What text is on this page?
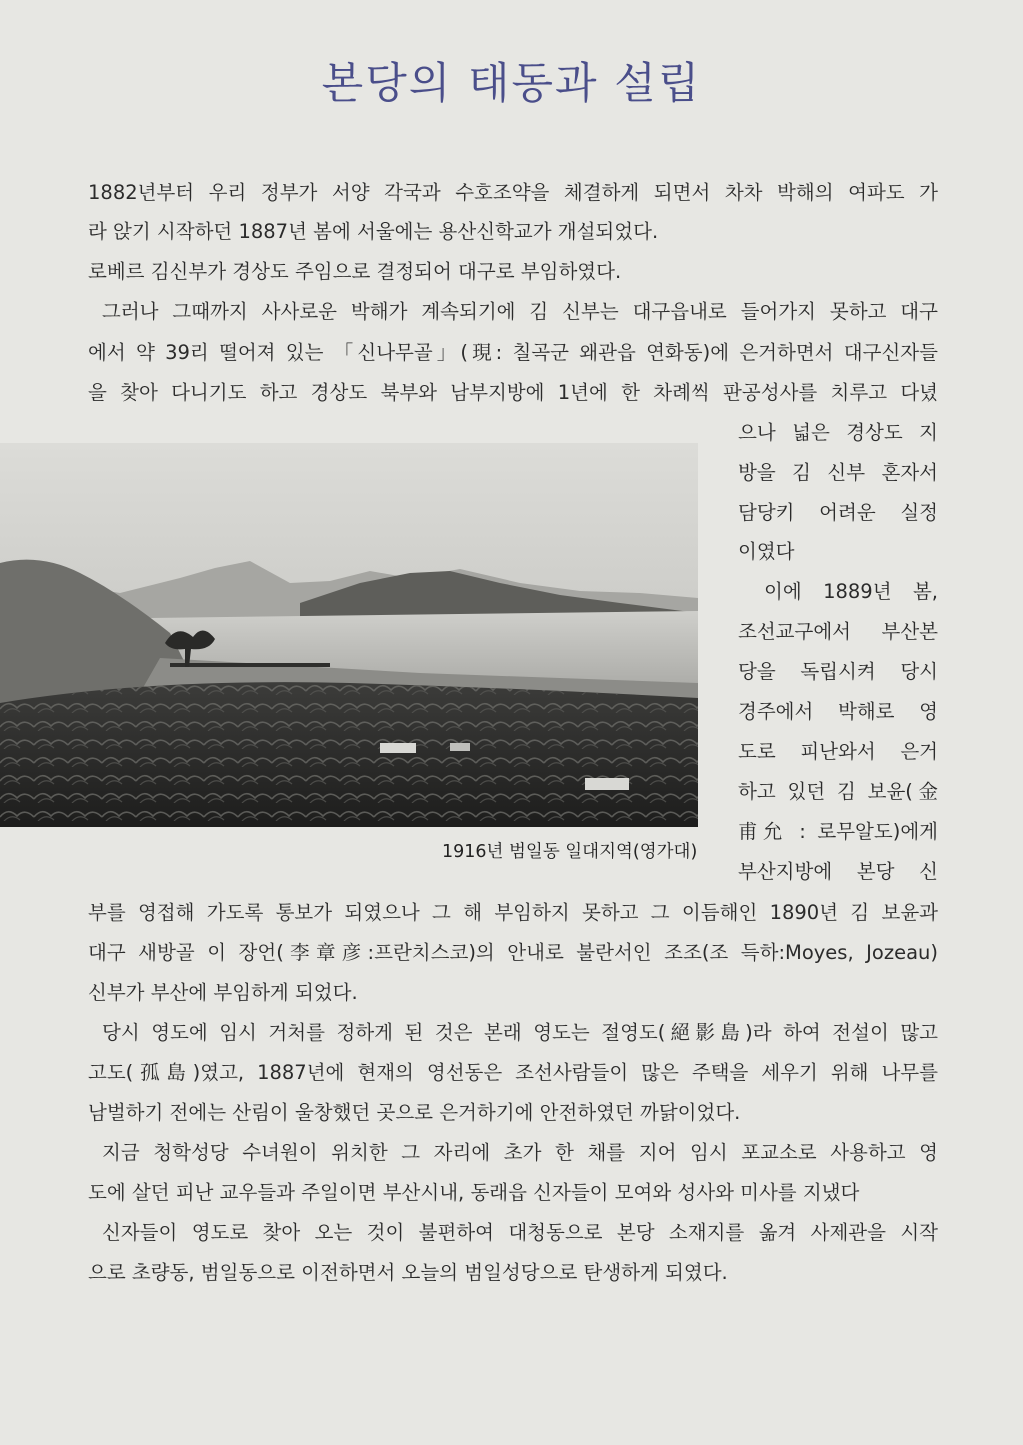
본당의 태동과 설립
1882년부터 우리 정부가 서양 각국과 수호조약을 체결하게 되면서 차차 박해의 여파도 가
라 앉기 시작하던 1887년 봄에 서울에는 용산신학교가 개설되었다.
로베르 김신부가 경상도 주임으로 결정되어 대구로 부임하였다.
그러나 그때까지 사사로운 박해가 계속되기에 김 신부는 대구읍내로 들어가지 못하고 대구
에서 약 39리 떨어져 있는 「신나무골」(現: 칠곡군 왜관읍 연화동)에 은거하면서 대구신자들
을 찾아 다니기도 하고 경상도 북부와 남부지방에 1년에 한 차례씩 판공성사를 치루고 다녔
으나 넓은 경상도 지
방을 김 신부 혼자서
담당키 어려운 실정
이였다
이에 1889년 봄,
조선교구에서 부산본
당을 독립시켜 당시
경주에서 박해로 영
도로 피난와서 은거
하고 있던 김 보윤(金
甫允 : 로무알도)에게
부산지방에 본당 신
부를 영접해 가도록 통보가 되였으나 그 해 부임하지 못하고 그 이듬해인 1890년 김 보윤과
대구 새방골 이 장언(李章彦:프란치스코)의 안내로 불란서인 조조(조 득하:Moyes, Jozeau)
신부가 부산에 부임하게 되었다.
당시 영도에 임시 거처를 정하게 된 것은 본래 영도는 절영도(絕影島)라 하여 전설이 많고
고도(孤島)였고, 1887년에 현재의 영선동은 조선사람들이 많은 주택을 세우기 위해 나무를
남벌하기 전에는 산림이 울창했던 곳으로 은거하기에 안전하였던 까닭이었다.
지금 청학성당 수녀원이 위치한 그 자리에 초가 한 채를 지어 임시 포교소로 사용하고 영
도에 살던 피난 교우들과 주일이면 부산시내, 동래읍 신자들이 모여와 성사와 미사를 지냈다
신자들이 영도로 찾아 오는 것이 불편하여 대청동으로 본당 소재지를 옮겨 사제관을 시작
으로 초량동, 범일동으로 이전하면서 오늘의 범일성당으로 탄생하게 되였다.
1916년 범일동 일대지역(영가대)
